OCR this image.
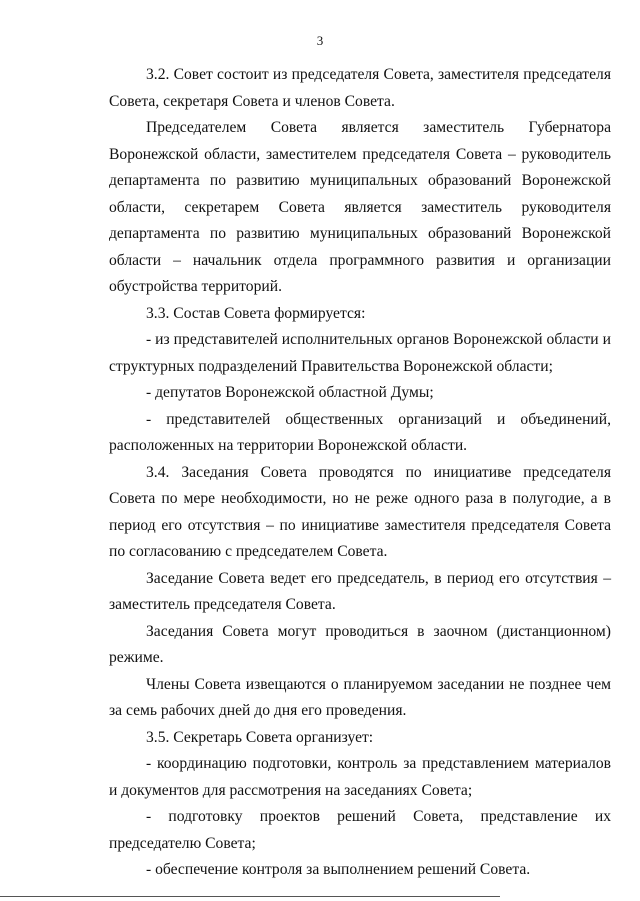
3

3.2. Совет состоит из председателя Совета, заместителя председателя Совета, секретаря Совета и членов Совета.

Председателем Совета является заместитель Губернатора Воронежской области, заместителем председателя Совета – руководитель департамента по развитию муниципальных образований Воронежской области, секретарем Совета является заместитель руководителя департамента по развитию муниципальных образований Воронежской области – начальник отдела программного развития и организации обустройства территорий.

3.3. Состав Совета формируется:

- из представителей исполнительных органов Воронежской области и структурных подразделений Правительства Воронежской области;

- депутатов Воронежской областной Думы;

- представителей общественных организаций и объединений, расположенных на территории Воронежской области.

3.4. Заседания Совета проводятся по инициативе председателя Совета по мере необходимости, но не реже одного раза в полугодие, а в период его отсутствия – по инициативе заместителя председателя Совета по согласованию с председателем Совета.

Заседание Совета ведет его председатель, в период его отсутствия – заместитель председателя Совета.

Заседания Совета могут проводиться в заочном (дистанционном) режиме.

Члены Совета извещаются о планируемом заседании не позднее чем за семь рабочих дней до дня его проведения.

3.5. Секретарь Совета организует:

- координацию подготовки, контроль за представлением материалов и документов для рассмотрения на заседаниях Совета;

- подготовку проектов решений Совета, представление их председателю Совета;

- обеспечение контроля за выполнением решений Совета.
